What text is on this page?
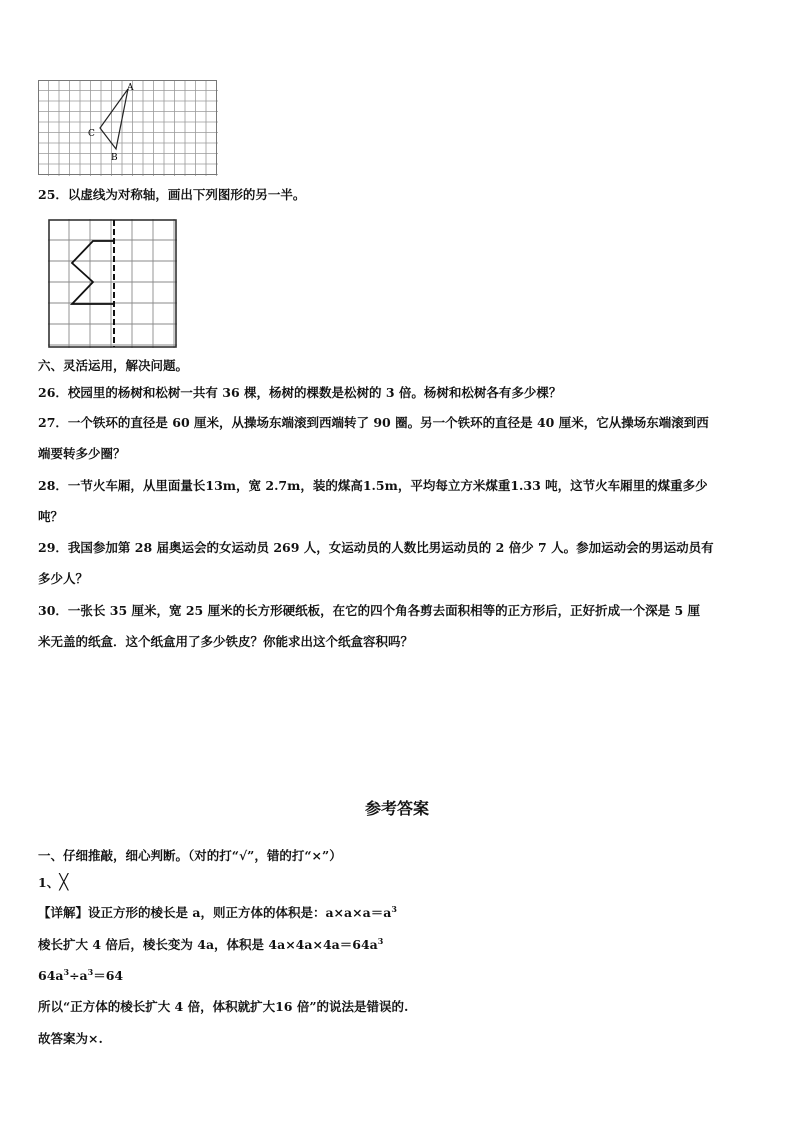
A
B
C
25．以虚线为对称轴，画出下列图形的另一半。
六、灵活运用，解决问题。
26．校园里的杨树和松树一共有 36 棵，杨树的棵数是松树的 3 倍。杨树和松树各有多少棵？
27．一个铁环的直径是 60 厘米，从操场东端滚到西端转了 90 圈。另一个铁环的直径是 40 厘米，它从操场东端滚到西
端要转多少圈？
28．一节火车厢，从里面量长13m，宽 2.7m，装的煤高1.5m，平均每立方米煤重1.33 吨，这节火车厢里的煤重多少
吨？
29．我国参加第 28 届奥运会的女运动员 269 人，女运动员的人数比男运动员的 2 倍少 7 人。参加运动会的男运动员有
多少人？
30．一张长 35 厘米，宽 25 厘米的长方形硬纸板，在它的四个角各剪去面积相等的正方形后，正好折成一个深是 5 厘
米无盖的纸盒．这个纸盒用了多少铁皮？你能求出这个纸盒容积吗？
参考答案
一、仔细推敲，细心判断。（对的打“√”，错的打“×”）
1、╳
【详解】设正方形的棱长是 a，则正方体的体积是：$a\times a\times a=a^3$
棱长扩大 4 倍后，棱长变为 4a，体积是 $4a\times 4a\times 4a=64a^3$
$64a^3\div a^3=64$
所以“正方体的棱长扩大 4 倍，体积就扩大16 倍”的说法是错误的.
故答案为×.
